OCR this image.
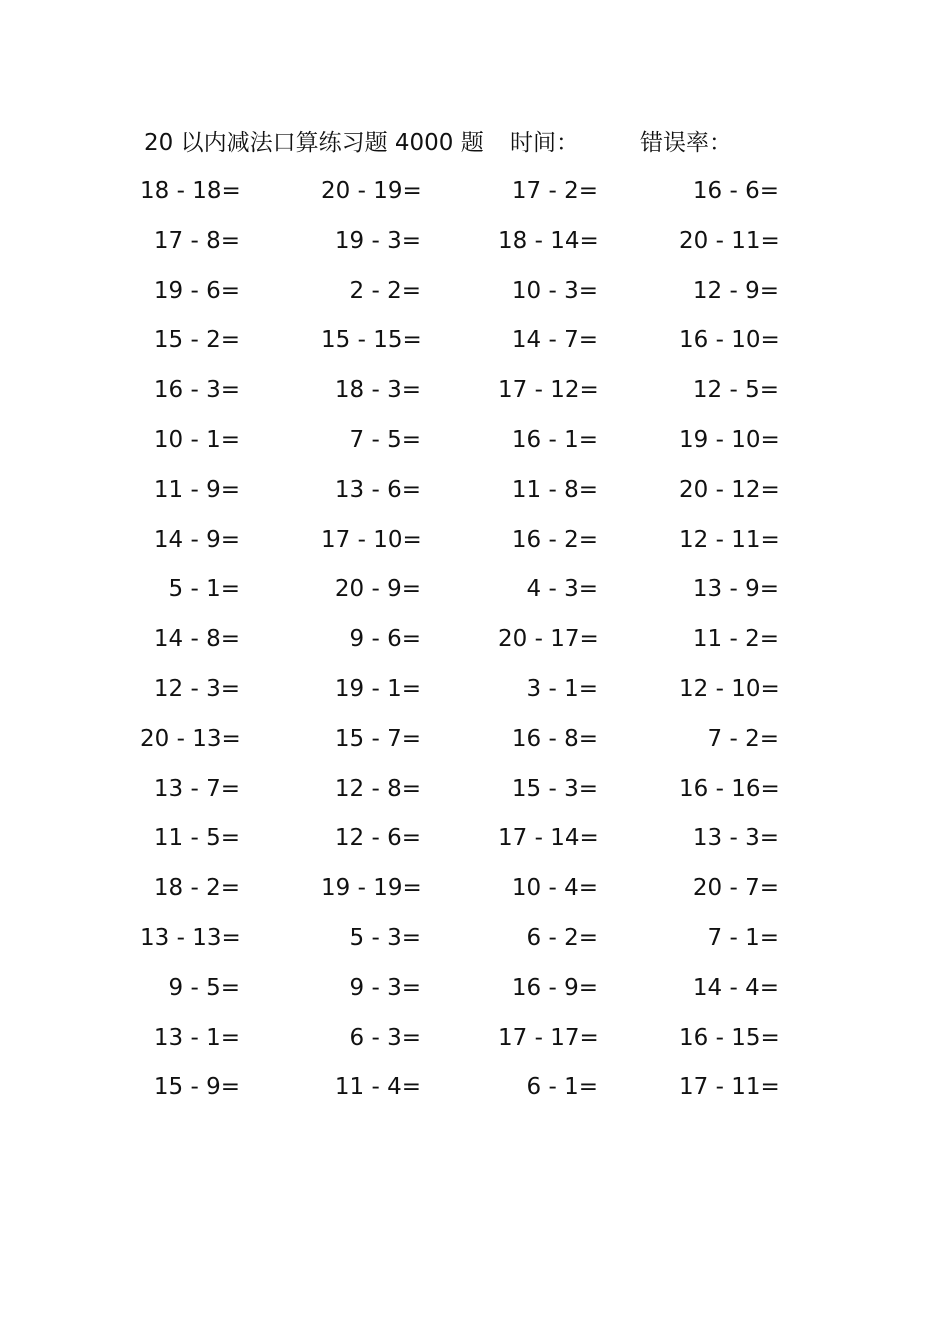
20 以内减法口算练习题 4000 题 时间：	错误率：
18 - 18=	20 - 19=	17 - 2=	16 - 6=
17 - 8=	19 - 3=	18 - 14=	20 - 11=
19 - 6=	2 - 2=	10 - 3=	12 - 9=
15 - 2=	15 - 15=	14 - 7=	16 - 10=
16 - 3=	18 - 3=	17 - 12=	12 - 5=
10 - 1=	7 - 5=	16 - 1=	19 - 10=
11 - 9=	13 - 6=	11 - 8=	20 - 12=
14 - 9=	17 - 10=	16 - 2=	12 - 11=
5 - 1=	20 - 9=	4 - 3=	13 - 9=
14 - 8=	9 - 6=	20 - 17=	11 - 2=
12 - 3=	19 - 1=	3 - 1=	12 - 10=
20 - 13=	15 - 7=	16 - 8=	7 - 2=
13 - 7=	12 - 8=	15 - 3=	16 - 16=
11 - 5=	12 - 6=	17 - 14=	13 - 3=
18 - 2=	19 - 19=	10 - 4=	20 - 7=
13 - 13=	5 - 3=	6 - 2=	7 - 1=
9 - 5=	9 - 3=	16 - 9=	14 - 4=
13 - 1=	6 - 3=	17 - 17=	16 - 15=
15 - 9=	11 - 4=	6 - 1=	17 - 11=
